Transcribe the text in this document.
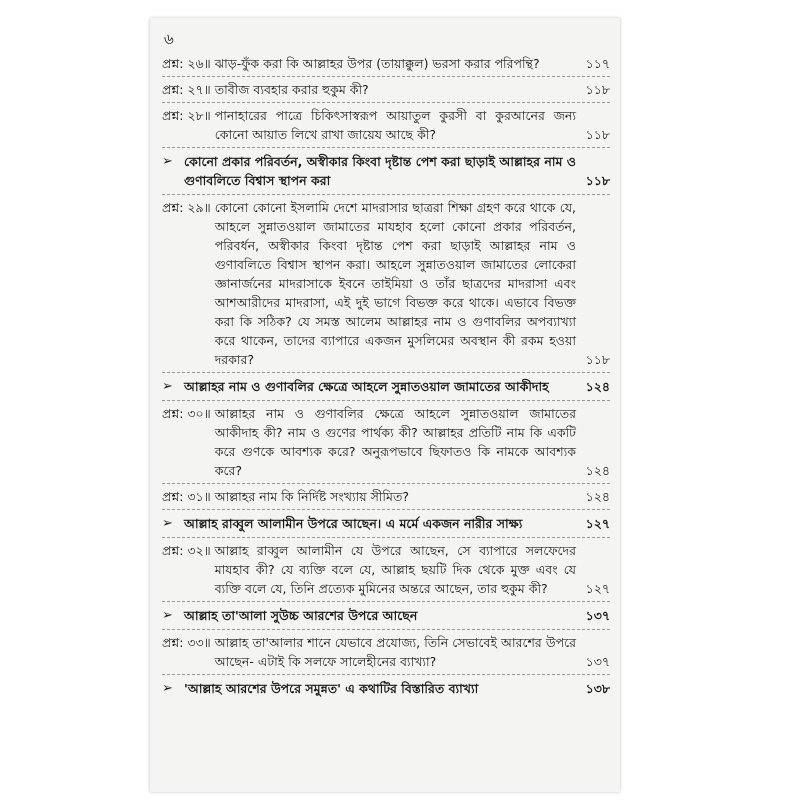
৬
প্রশ্ন: ২৬॥ ঝাড়-ফুঁক করা কি আল্লাহর উপর (তায়াক্কুল) ভরসা করার পরিপন্থি?	১১৭
প্রশ্ন: ২৭॥ তাবীজ ব্যবহার করার হুকুম কী?	১১৮
প্রশ্ন: ২৮॥ পানাহারের পাত্রে চিকিৎসাস্বরূপ আয়াতুল কুরসী বা কুরআনের জন্য কোনো আয়াত লিখে রাখা জায়েয আছে কী?	১১৮
➢ কোনো প্রকার পরিবর্তন, অস্বীকার কিংবা দৃষ্টান্ত পেশ করা ছাড়াই আল্লাহর নাম ও গুণাবলিতে বিশ্বাস স্থাপন করা	১১৮
প্রশ্ন: ২৯॥ কোনো কোনো ইসলামি দেশে মাদরাসার ছাত্ররা শিক্ষা গ্রহণ করে থাকে যে, আহলে সুন্নাতওয়াল জামাতের মাযহাব হলো কোনো প্রকার পরিবর্তন, পরিবর্ধন, অস্বীকার কিংবা দৃষ্টান্ত পেশ করা ছাড়াই আল্লাহর নাম ও গুণাবলিতে বিশ্বাস স্থাপন করা। আহলে সুন্নাতওয়াল জামাতের লোকেরা জ্ঞানার্জনের মাদরাসাকে ইবনে তাইমিয়া ও তাঁর ছাত্রদের মাদরাসা এবং আশআরীদের মাদরাসা, এই দুই ভাগে বিভক্ত করে থাকে। এভাবে বিভক্ত করা কি সঠিক? যে সমস্ত আলেম আল্লাহর নাম ও গুণাবলির অপব্যাখ্যা করে থাকেন, তাদের ব্যাপারে একজন মুসলিমের অবস্থান কী রকম হওয়া দরকার?	১১৮
➢ আল্লাহর নাম ও গুণাবলির ক্ষেত্রে আহলে সুন্নাতওয়াল জামাতের আকীদাহ	১২৪
প্রশ্ন: ৩০॥ আল্লাহর নাম ও গুণাবলির ক্ষেত্রে আহলে সুন্নাতওয়াল জামাতের আকীদাহ কী? নাম ও গুণের পার্থক্য কী? আল্লাহর প্রতিটি নাম কি একটি করে গুণকে আবশ্যক করে? অনুরূপভাবে ছিফাতও কি নামকে আবশ্যক করে?	১২৪
প্রশ্ন: ৩১॥ আল্লাহর নাম কি নির্দিষ্ট সংখ্যায় সীমিত?	১২৪
➢ আল্লাহ রাব্বুল আলামীন উপরে আছেন। এ মর্মে একজন নারীর সাক্ষ্য	১২৭
প্রশ্ন: ৩২॥ আল্লাহ রাব্বুল আলামীন যে উপরে আছেন, সে ব্যাপারে সলফেদের মাযহাব কী? যে ব্যক্তি বলে যে, আল্লাহ ছয়টি দিক থেকে মুক্ত এবং যে ব্যক্তি বলে যে, তিনি প্রত্যেক মুমিনের অন্তরে আছেন, তার হুকুম কী?	১২৭
➢ আল্লাহ তা'আলা সুউচ্চ আরশের উপরে আছেন	১৩৭
প্রশ্ন: ৩৩॥ আল্লাহ তা'আলার শানে যেভাবে প্রযোজ্য, তিনি সেভাবেই আরশের উপরে আছেন- এটাই কি সলফে সালেহীনের ব্যাখ্যা?	১৩৭
➢ 'আল্লাহ আরশের উপরে সমুন্নত' এ কথাটির বিস্তারিত ব্যাখ্যা	১৩৮
